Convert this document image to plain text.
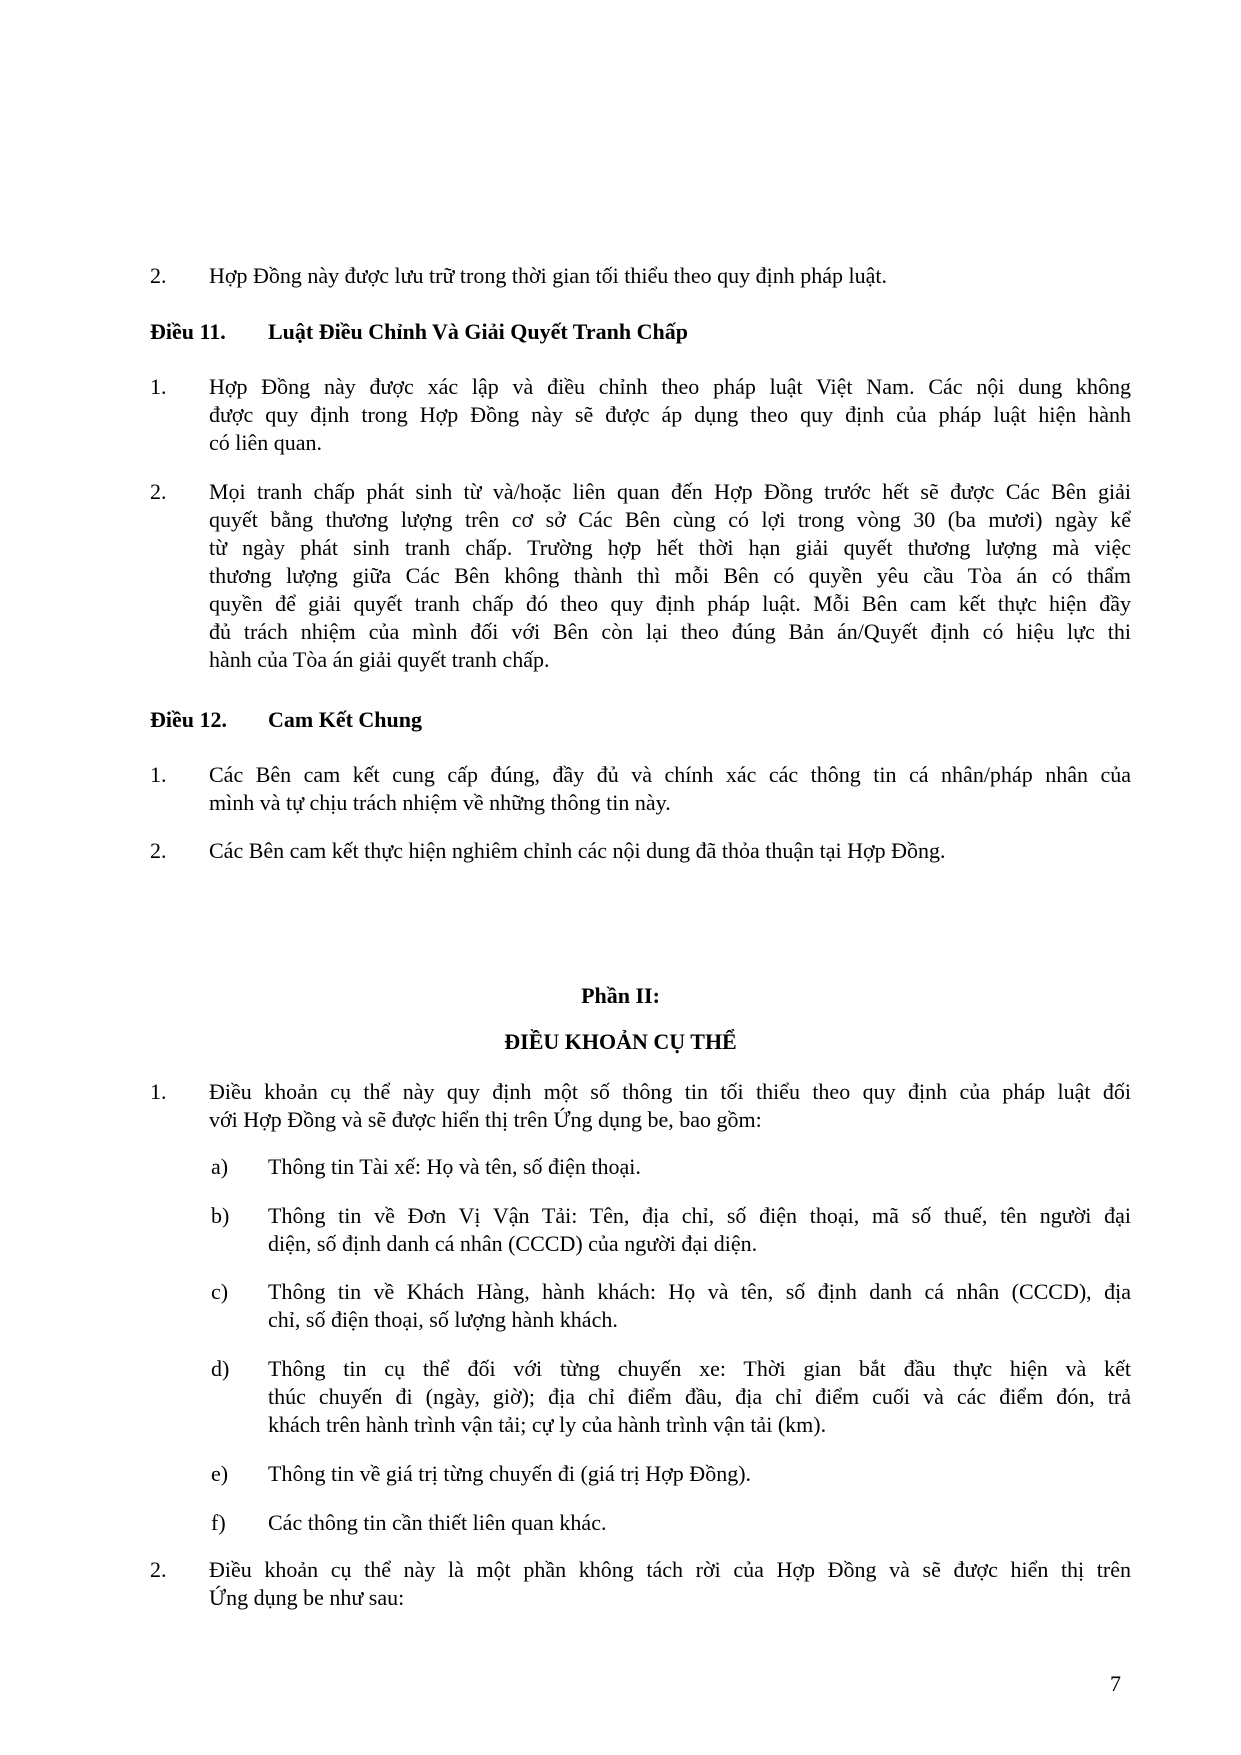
2. Hợp Đồng này được lưu trữ trong thời gian tối thiểu theo quy định pháp luật.
Điều 11. Luật Điều Chỉnh Và Giải Quyết Tranh Chấp
1. Hợp Đồng này được xác lập và điều chỉnh theo pháp luật Việt Nam. Các nội dung không
được quy định trong Hợp Đồng này sẽ được áp dụng theo quy định của pháp luật hiện hành
có liên quan.
2. Mọi tranh chấp phát sinh từ và/hoặc liên quan đến Hợp Đồng trước hết sẽ được Các Bên giải
quyết bằng thương lượng trên cơ sở Các Bên cùng có lợi trong vòng 30 (ba mươi) ngày kể
từ ngày phát sinh tranh chấp. Trường hợp hết thời hạn giải quyết thương lượng mà việc
thương lượng giữa Các Bên không thành thì mỗi Bên có quyền yêu cầu Tòa án có thẩm
quyền để giải quyết tranh chấp đó theo quy định pháp luật. Mỗi Bên cam kết thực hiện đầy
đủ trách nhiệm của mình đối với Bên còn lại theo đúng Bản án/Quyết định có hiệu lực thi
hành của Tòa án giải quyết tranh chấp.
Điều 12. Cam Kết Chung
1. Các Bên cam kết cung cấp đúng, đầy đủ và chính xác các thông tin cá nhân/pháp nhân của
mình và tự chịu trách nhiệm về những thông tin này.
2. Các Bên cam kết thực hiện nghiêm chỉnh các nội dung đã thỏa thuận tại Hợp Đồng.
Phần II:
ĐIỀU KHOẢN CỤ THỂ
1. Điều khoản cụ thể này quy định một số thông tin tối thiểu theo quy định của pháp luật đối
với Hợp Đồng và sẽ được hiển thị trên Ứng dụng be, bao gồm:
a) Thông tin Tài xế: Họ và tên, số điện thoại.
b) Thông tin về Đơn Vị Vận Tải: Tên, địa chỉ, số điện thoại, mã số thuế, tên người đại
diện, số định danh cá nhân (CCCD) của người đại diện.
c) Thông tin về Khách Hàng, hành khách: Họ và tên, số định danh cá nhân (CCCD), địa
chỉ, số điện thoại, số lượng hành khách.
d) Thông tin cụ thể đối với từng chuyến xe: Thời gian bắt đầu thực hiện và kết
thúc chuyến đi (ngày, giờ); địa chỉ điểm đầu, địa chỉ điểm cuối và các điểm đón, trả
khách trên hành trình vận tải; cự ly của hành trình vận tải (km).
e) Thông tin về giá trị từng chuyến đi (giá trị Hợp Đồng).
f) Các thông tin cần thiết liên quan khác.
2. Điều khoản cụ thể này là một phần không tách rời của Hợp Đồng và sẽ được hiển thị trên
Ứng dụng be như sau:
7
